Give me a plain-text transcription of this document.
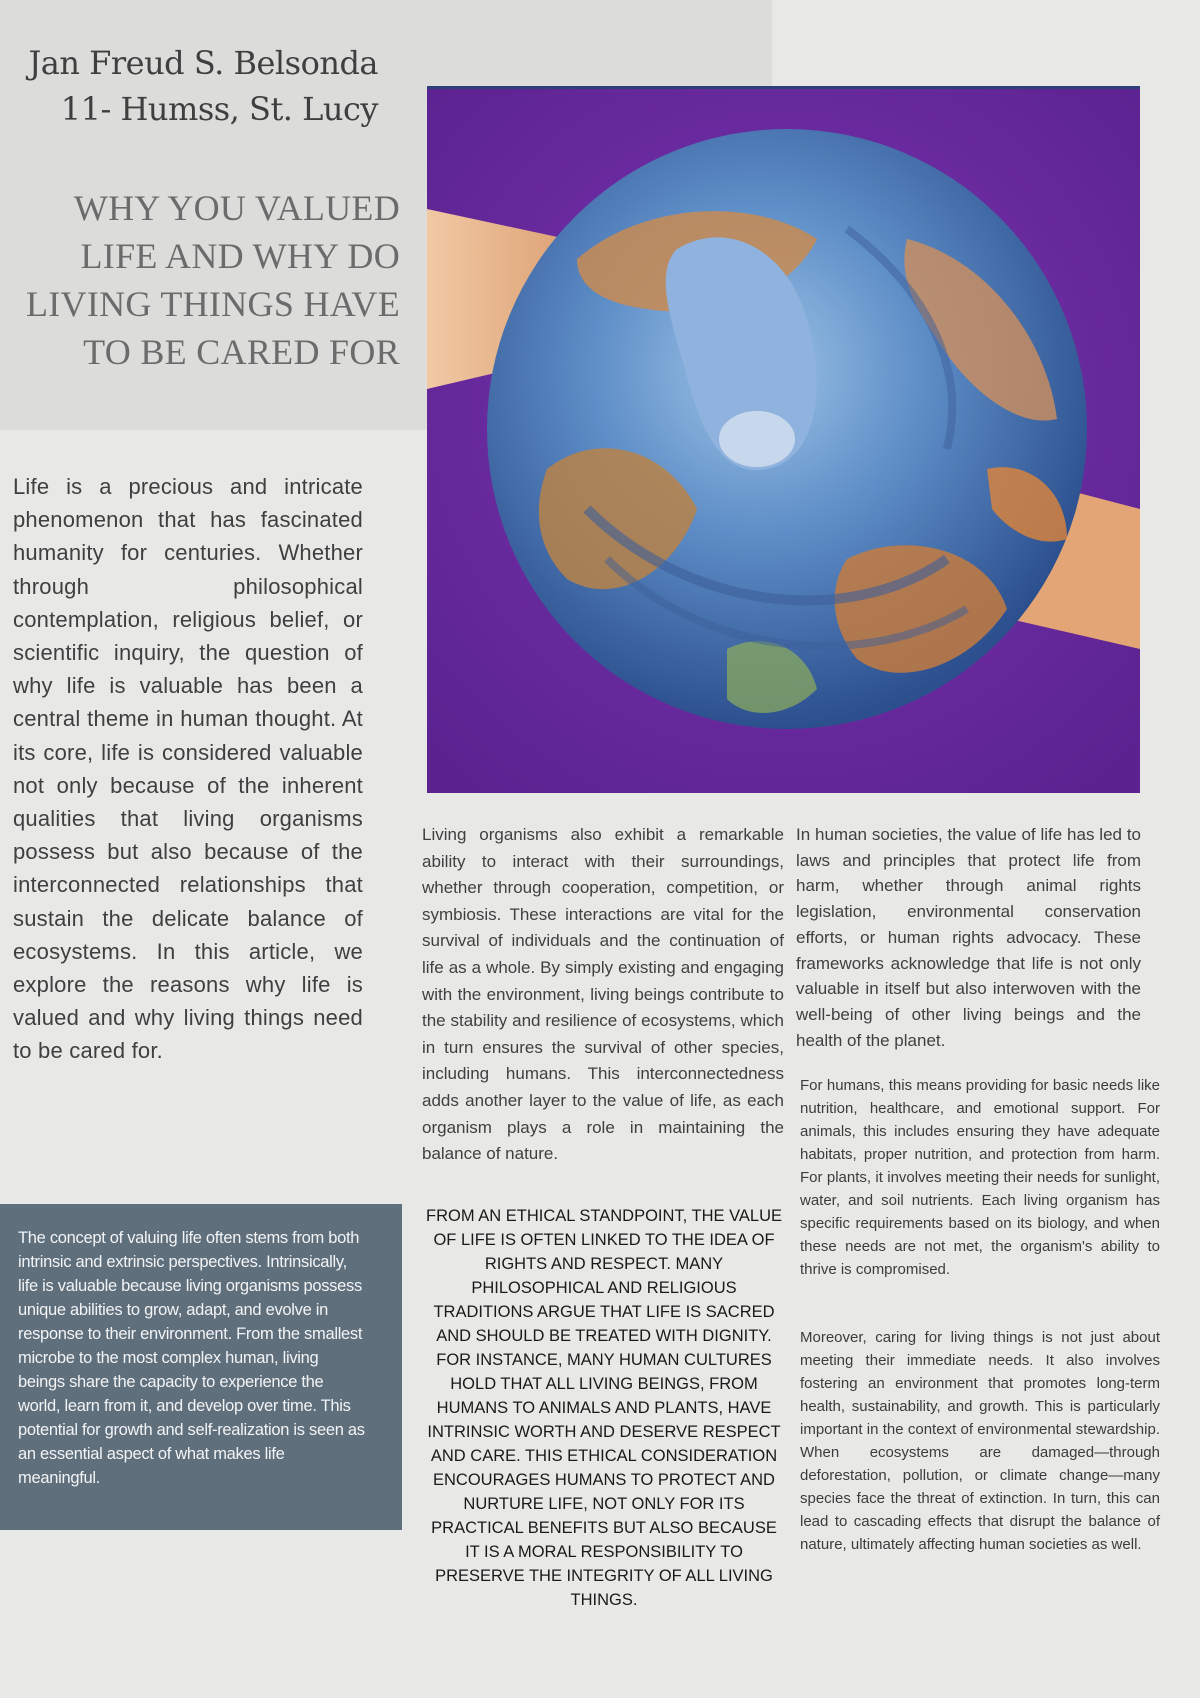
Jan Freud S. Belsonda
11- Humss, St. Lucy
WHY YOU VALUED LIFE AND WHY DO LIVING THINGS HAVE TO BE CARED FOR
Life is a precious and intricate phenomenon that has fascinated humanity for centuries. Whether through philosophical contemplation, religious belief, or scientific inquiry, the question of why life is valuable has been a central theme in human thought. At its core, life is considered valuable not only because of the inherent qualities that living organisms possess but also because of the interconnected relationships that sustain the delicate balance of ecosystems. In this article, we explore the reasons why life is valued and why living things need to be cared for.

The concept of valuing life often stems from both intrinsic and extrinsic perspectives. Intrinsically, life is valuable because living organisms possess unique abilities to grow, adapt, and evolve in response to their environment. From the smallest microbe to the most complex human, living beings share the capacity to experience the world, learn from it, and develop over time. This potential for growth and self-realization is seen as an essential aspect of what makes life meaningful.

Living organisms also exhibit a remarkable ability to interact with their surroundings, whether through cooperation, competition, or symbiosis. These interactions are vital for the survival of individuals and the continuation of life as a whole. By simply existing and engaging with the environment, living beings contribute to the stability and resilience of ecosystems, which in turn ensures the survival of other species, including humans. This interconnectedness adds another layer to the value of life, as each organism plays a role in maintaining the balance of nature.
FROM AN ETHICAL STANDPOINT, THE VALUE OF LIFE IS OFTEN LINKED TO THE IDEA OF RIGHTS AND RESPECT. MANY PHILOSOPHICAL AND RELIGIOUS TRADITIONS ARGUE THAT LIFE IS SACRED AND SHOULD BE TREATED WITH DIGNITY. FOR INSTANCE, MANY HUMAN CULTURES HOLD THAT ALL LIVING BEINGS, FROM HUMANS TO ANIMALS AND PLANTS, HAVE INTRINSIC WORTH AND DESERVE RESPECT AND CARE. THIS ETHICAL CONSIDERATION ENCOURAGES HUMANS TO PROTECT AND NURTURE LIFE, NOT ONLY FOR ITS PRACTICAL BENEFITS BUT ALSO BECAUSE IT IS A MORAL RESPONSIBILITY TO PRESERVE THE INTEGRITY OF ALL LIVING THINGS.
In human societies, the value of life has led to laws and principles that protect life from harm, whether through animal rights legislation, environmental conservation efforts, or human rights advocacy. These frameworks acknowledge that life is not only valuable in itself but also interwoven with the well-being of other living beings and the health of the planet.
For humans, this means providing for basic needs like nutrition, healthcare, and emotional support. For animals, this includes ensuring they have adequate habitats, proper nutrition, and protection from harm. For plants, it involves meeting their needs for sunlight, water, and soil nutrients. Each living organism has specific requirements based on its biology, and when these needs are not met, the organism's ability to thrive is compromised.
Moreover, caring for living things is not just about meeting their immediate needs. It also involves fostering an environment that promotes long-term health, sustainability, and growth. This is particularly important in the context of environmental stewardship. When ecosystems are damaged—through deforestation, pollution, or climate change—many species face the threat of extinction. In turn, this can lead to cascading effects that disrupt the balance of nature, ultimately affecting human societies as well.
